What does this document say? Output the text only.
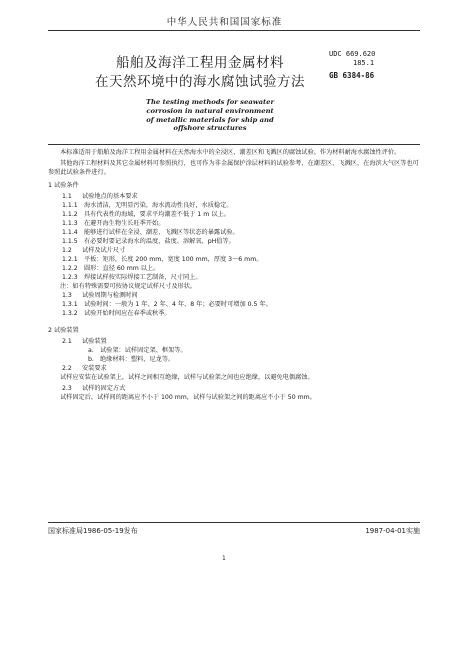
中华人民共和国国家标准
UDC 669.620
185.1
GB 6384-86
船舶及海洋工程用金属材料
在天然环境中的海水腐蚀试验方法
The testing methods for seawater
corrosion in natural environment
of metallic materials for ship and
offshore structures

本标准适用于船舶及海洋工程用金属材料在天然海水中的全浸区、潮差区和飞溅区的腐蚀试验。作为材料耐海水腐蚀性评价。

其他海洋工程材料及其它金属材料可参照执行，也可作为非金属保护涂层材料的试验参考，在潮差区、飞溅区，在海滨大气区等也可参照此试验条件进行。

1 试验条件
1.1 试验地点的基本要求
1.1.1 海水清洁，无明显污染，海水流动性良好，水质稳定。
1.1.2 具有代表性的海域，要求平均潮差不低于 1 m 以上。
1.1.3 在避开海生物生长旺季开始。
1.1.4 能够进行试样在全浸、潮差、飞溅区等状态的暴露试验。
1.1.5 有必要时要记录海水的温度、盐度、溶解氧、pH值等。
1.2 试样及试片尺寸
1.2.1 平板：矩形，长度 200 mm，宽度 100 mm，厚度 3～6 mm。
1.2.2 圆形：直径 60 mm 以上。
1.2.3 焊接试样按实际焊接工艺制备，尺寸同上。
注：如有特殊需要可按协议规定试样尺寸及形状。
1.3 试验周期与检测时间
1.3.1 试验时间：一般为 1 年、2 年、4 年、8 年；必要时可增加 0.5 年。
1.3.2 试验开始时间应在春季或秋季。
2 试验装置
2.1 试验装置
a. 试验架：试样固定架、框架等。
b. 绝缘材料：塑料、尼龙等。
2.2 安装要求

试样应安装在试验架上，试样之间相互绝缘，试样与试验架之间也应绝缘，以避免电偶腐蚀。

2.3 试样的固定方式

试样固定后，试样间的距离应不小于 100 mm，试样与试验架之间的距离应不小于 50 mm。

国家标准局1986-05-19发布	1987-04-01实施
1
